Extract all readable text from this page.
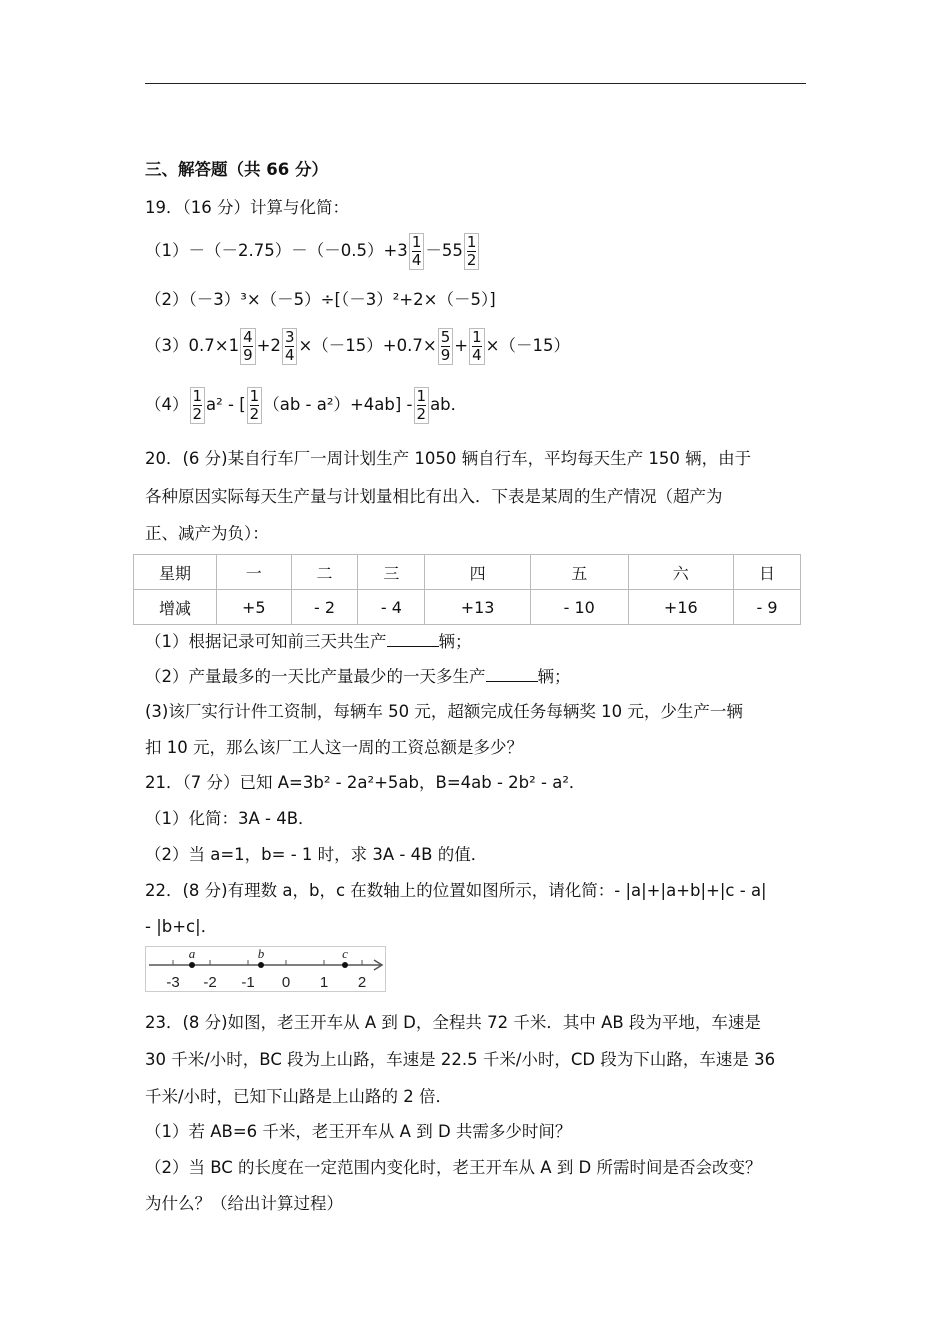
三、解答题（共 66 分）
19．（16 分）计算与化简：
$(1)-(-2.75)-(-0.5)+3 \frac{1}{4} -55 \frac{1}{2}$
（2）（－3）³×（－5）÷[（－3）²+2×（－5）]
$(3)0.7\times 1 \frac{4}{9} +2 \frac{3}{4} \times(-15)+0.7\times \frac{5}{9} + \frac{1}{4} \times(-15)$
$(4) \frac{1}{2} a^2$ - [ $\frac{1}{2} (ab - a^2)+4ab] - \frac{1}{2}$ ab．
20．(6 分)某自行车厂一周计划生产 1050 辆自行车，平均每天生产 150 辆，由于
各种原因实际每天生产量与计划量相比有出入．下表是某周的生产情况（超产为
正、减产为负）：
星期	一	二	三	四	五	六	日
增减	+5	- 2	- 4	+13	- 10	+16	- 9
（1）根据记录可知前三天共生产	辆；
（2）产量最多的一天比产量最少的一天多生产	辆；
(3)该厂实行计件工资制，每辆车 50 元，超额完成任务每辆奖 10 元，少生产一辆
扣 10 元，那么该厂工人这一周的工资总额是多少？
21．（7 分）已知 A=3b² - 2a²+5ab，B=4ab - 2b² - a²．
（1）化简：3A - 4B．
（2）当 a=1，b= - 1 时，求 3A - 4B 的值．
22．(8 分)有理数 a，b，c 在数轴上的位置如图所示，请化简：- |a|+|a+b|+|c - a|
- |b+c|．
-3 -2 -1 0 1 2
a	b	c
23．(8 分)如图，老王开车从 A 到 D，全程共 72 千米．其中 AB 段为平地，车速是
30 千米/小时，BC 段为上山路，车速是 22.5 千米/小时，CD 段为下山路，车速是 36
千米/小时，已知下山路是上山路的 2 倍．
（1）若 AB=6 千米，老王开车从 A 到 D 共需多少时间？
（2）当 BC 的长度在一定范围内变化时，老王开车从 A 到 D 所需时间是否会改变？
为什么？（给出计算过程）
